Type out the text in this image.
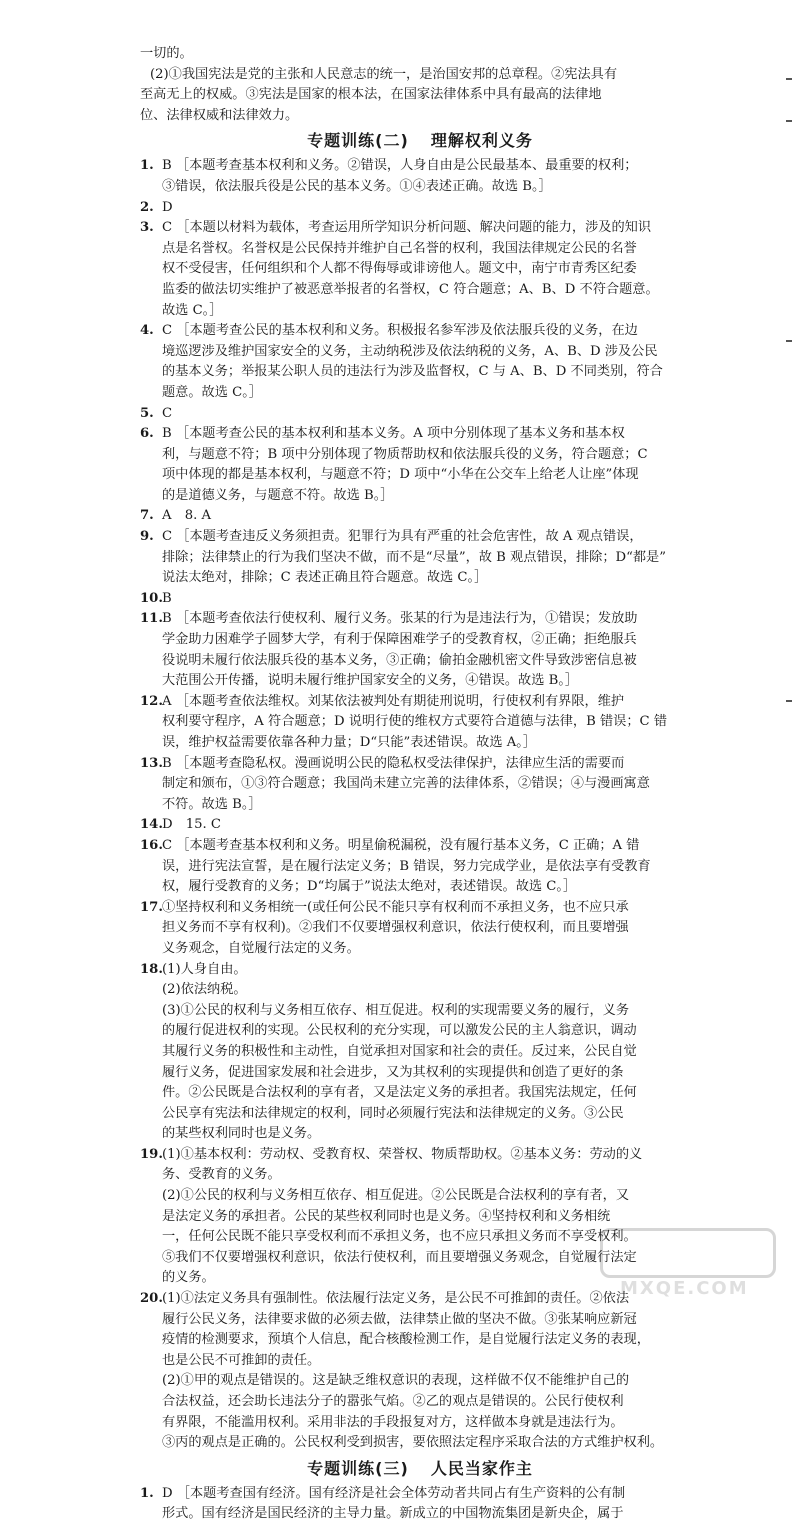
一切的。
(2)①我国宪法是党的主张和人民意志的统一，是治国安邦的总章程。②宪法具有
至高无上的权威。③宪法是国家的根本法，在国家法律体系中具有最高的法律地
位、法律权威和法律效力。
专题训练(二) 理解权利义务
1. B ［本题考查基本权利和义务。②错误，人身自由是公民最基本、最重要的权利；
③错误，依法服兵役是公民的基本义务。①④表述正确。故选 B。］
2. D
3. C ［本题以材料为载体，考查运用所学知识分析问题、解决问题的能力，涉及的知识
点是名誉权。名誉权是公民保持并维护自己名誉的权利，我国法律规定公民的名誉
权不受侵害，任何组织和个人都不得侮辱或诽谤他人。题文中，南宁市青秀区纪委
监委的做法切实维护了被恶意举报者的名誉权，C 符合题意；A、B、D 不符合题意。
故选 C。］
4. C ［本题考查公民的基本权利和义务。积极报名参军涉及依法服兵役的义务，在边
境巡逻涉及维护国家安全的义务，主动纳税涉及依法纳税的义务，A、B、D 涉及公民
的基本义务；举报某公职人员的违法行为涉及监督权，C 与 A、B、D 不同类别，符合
题意。故选 C。］
5. C
6. B ［本题考查公民的基本权利和基本义务。A 项中分别体现了基本义务和基本权
利，与题意不符；B 项中分别体现了物质帮助权和依法服兵役的义务，符合题意；C
项中体现的都是基本权利，与题意不符；D 项中“小华在公交车上给老人让座”体现
的是道德义务，与题意不符。故选 B。］
7. A　8. A
9. C ［本题考查违反义务须担责。犯罪行为具有严重的社会危害性，故 A 观点错误，
排除；法律禁止的行为我们坚决不做，而不是“尽量”，故 B 观点错误，排除；D“都是”
说法太绝对，排除；C 表述正确且符合题意。故选 C。］
10.B
11.B ［本题考查依法行使权利、履行义务。张某的行为是违法行为，①错误；发放助
学金助力困难学子圆梦大学，有利于保障困难学子的受教育权，②正确；拒绝服兵
役说明未履行依法服兵役的基本义务，③正确；偷拍金融机密文件导致涉密信息被
大范围公开传播，说明未履行维护国家安全的义务，④错误。故选 B。］
12.A ［本题考查依法维权。刘某依法被判处有期徒刑说明，行使权利有界限，维护
权利要守程序，A 符合题意；D 说明行使的维权方式要符合道德与法律，B 错误；C 错
误，维护权益需要依靠各种力量；D“只能”表述错误。故选 A。］
13.B ［本题考查隐私权。漫画说明公民的隐私权受法律保护，法律应生活的需要而
制定和颁布，①③符合题意；我国尚未建立完善的法律体系，②错误；④与漫画寓意
不符。故选 B。］
14.D　15. C
16.C ［本题考查基本权利和义务。明星偷税漏税，没有履行基本义务，C 正确；A 错
误，进行宪法宣誓，是在履行法定义务；B 错误，努力完成学业，是依法享有受教育
权，履行受教育的义务；D“均属于”说法太绝对，表述错误。故选 C。］
17.①坚持权利和义务相统一(或任何公民不能只享有权利而不承担义务，也不应只承
担义务而不享有权利)。②我们不仅要增强权利意识，依法行使权利，而且要增强
义务观念，自觉履行法定的义务。
18.(1)人身自由。
(2)依法纳税。
(3)①公民的权利与义务相互依存、相互促进。权利的实现需要义务的履行，义务
的履行促进权利的实现。公民权利的充分实现，可以激发公民的主人翁意识，调动
其履行义务的积极性和主动性，自觉承担对国家和社会的责任。反过来，公民自觉
履行义务，促进国家发展和社会进步，又为其权利的实现提供和创造了更好的条
件。②公民既是合法权利的享有者，又是法定义务的承担者。我国宪法规定，任何
公民享有宪法和法律规定的权利，同时必须履行宪法和法律规定的义务。③公民
的某些权利同时也是义务。
19.(1)①基本权利：劳动权、受教育权、荣誉权、物质帮助权。②基本义务：劳动的义
务、受教育的义务。
(2)①公民的权利与义务相互依存、相互促进。②公民既是合法权利的享有者，又
是法定义务的承担者。公民的某些权利同时也是义务。④坚持权利和义务相统
一，任何公民既不能只享受权利而不承担义务，也不应只承担义务而不享受权利。
⑤我们不仅要增强权利意识，依法行使权利，而且要增强义务观念，自觉履行法定
的义务。
20.(1)①法定义务具有强制性。依法履行法定义务，是公民不可推卸的责任。②依法
履行公民义务，法律要求做的必须去做，法律禁止做的坚决不做。③张某响应新冠
疫情的检测要求，预填个人信息，配合核酸检测工作，是自觉履行法定义务的表现，
也是公民不可推卸的责任。
(2)①甲的观点是错误的。这是缺乏维权意识的表现，这样做不仅不能维护自己的
合法权益，还会助长违法分子的嚣张气焰。②乙的观点是错误的。公民行使权利
有界限，不能滥用权利。采用非法的手段报复对方，这样做本身就是违法行为。
③丙的观点是正确的。公民权利受到损害，要依照法定程序采取合法的方式维护权利。
专题训练(三) 人民当家作主
1. D ［本题考查国有经济。国有经济是社会全体劳动者共同占有生产资料的公有制
形式。国有经济是国民经济的主导力量。新成立的中国物流集团是新央企，属于
MXQE.COM
